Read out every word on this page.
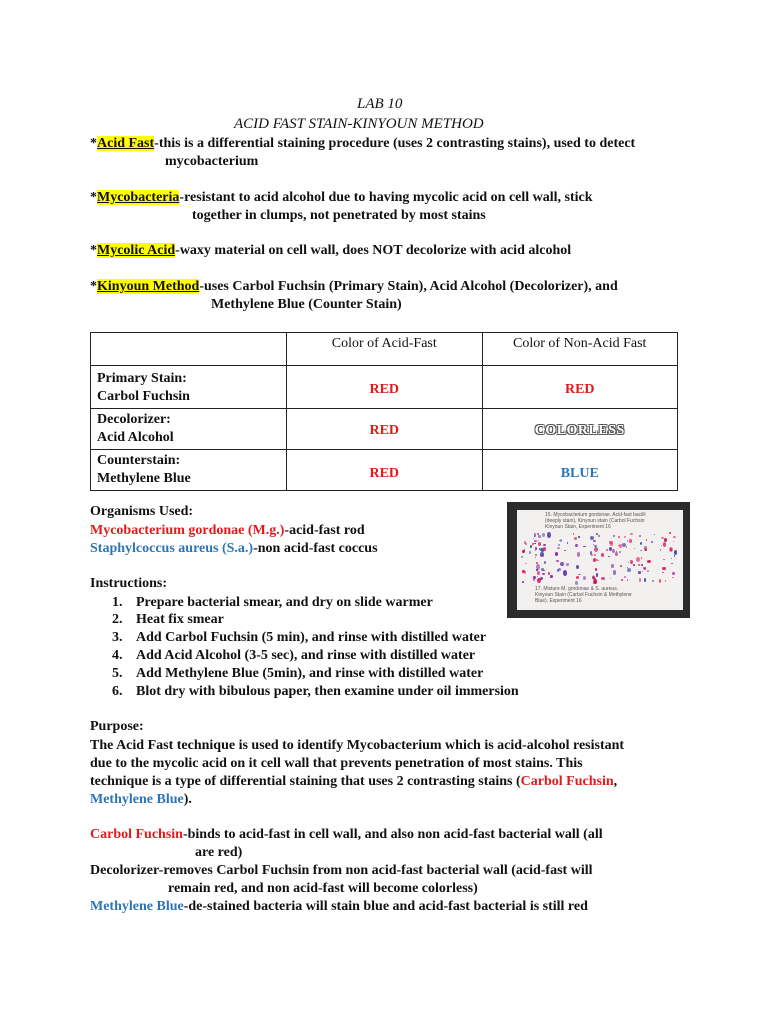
LAB 10
ACID FAST STAIN-KINYOUN METHOD
*Acid Fast-this is a differential staining procedure (uses 2 contrasting stains), used to detect
mycobacterium
*Mycobacteria-resistant to acid alcohol due to having mycolic acid on cell wall, stick
together in clumps, not penetrated by most stains
*Mycolic Acid-waxy material on cell wall, does NOT decolorize with acid alcohol
*Kinyoun Method-uses Carbol Fuchsin (Primary Stain), Acid Alcohol (Decolorizer), and
Methylene Blue (Counter Stain)
	Color of Acid-Fast	Color of Non-Acid Fast

Primary Stain:
Carbol Fuchsin	RED	RED

Decolorizer:
Acid Alcohol	RED	COLORLESS

Counterstain:
Methylene Blue	RED	BLUE
Organisms Used:
Mycobacterium gordonae (M.g.)-acid-fast rod
Staphylcoccus aureus (S.a.)-non acid-fast coccus
15. Mycobacterium gordonae. Acid-fast bacilli
(deeply stain), Kinyoun stain (Carbol Fuchsin
Kinyoun Stain, Experiment 16
17. Mixture M. gordonae & S. aureus.
Kinyoun Stain (Carbol Fuchsin & Methylene
Blue). Experiment 16
Instructions:
1. Prepare bacterial smear, and dry on slide warmer
2. Heat fix smear
3. Add Carbol Fuchsin (5 min), and rinse with distilled water
4. Add Acid Alcohol (3-5 sec), and rinse with distilled water
5. Add Methylene Blue (5min), and rinse with distilled water
6. Blot dry with bibulous paper, then examine under oil immersion
Purpose:
The Acid Fast technique is used to identify Mycobacterium which is acid-alcohol resistant
due to the mycolic acid on it cell wall that prevents penetration of most stains. This
technique is a type of differential staining that uses 2 contrasting stains (Carbol Fuchsin,
Methylene Blue).
Carbol Fuchsin-binds to acid-fast in cell wall, and also non acid-fast bacterial wall (all
are red)
Decolorizer-removes Carbol Fuchsin from non acid-fast bacterial wall (acid-fast will
remain red, and non acid-fast will become colorless)
Methylene Blue-de-stained bacteria will stain blue and acid-fast bacterial is still red
